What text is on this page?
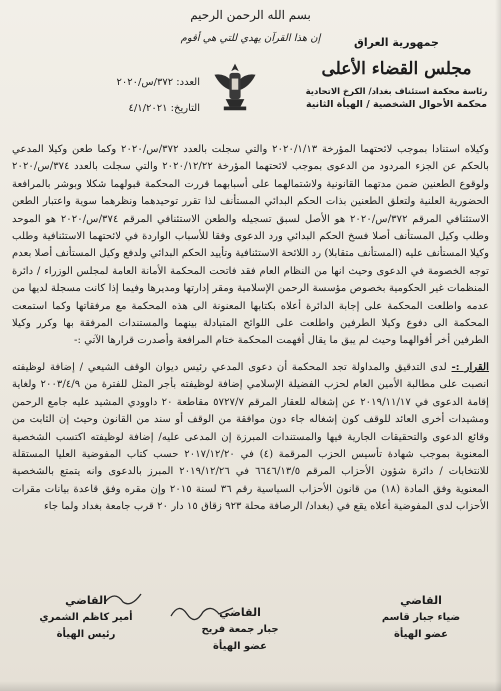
بسم الله الرحمن الرحيم
إن هذا القرآن يهدي للتي هي أقوم	جمهورية العراق
مجلس القضاء الأعلى
رئاسة محكمة استئناف بغداد/ الكرخ الاتحادية
محكمة الأحوال الشخصية / الهيأة الثانية
العدد: ٣٧٢/س/٢٠٢٠
التاريخ: ٤/١/٢٠٢١

وكيلاه استنادا بموجب لائحتهما المؤرخة ٢٠٢٠/١/١٣ والتي سجلت بالعدد ٣٧٢/س/٢٠٢٠ وكما طعن وكيلا المدعي بالحكم عن الجزء المردود من الدعوى بموجب لائحتهما المؤرخة ٢٠٢٠/١٢/٢٢ والتي سجلت بالعدد ٣٧٤/س/٢٠٢٠ ولوقوع الطعنين ضمن مدتهما القانونية ولاشتمالهما على أسبابهما قررت المحكمة قبولهما شكلا وبوشر بالمرافعة الحضورية العلنية ولتعلق الطعنين بذات الحكم البدائي المستأنف لذا تقرر توحيدهما ونظرهما سوية واعتبار الطعن الاستئنافي المرقم ٣٧٢/س/٢٠٢٠ هو الأصل لسبق تسجيله والطعن الاستئنافي المرقم ٣٧٤/س/٢٠٢٠ هو الموحد وطلب وكيل المستأنف أصلا فسخ الحكم البدائي ورد الدعوى وفقا للأسباب الواردة في لائحتهما الاستئنافية وطلب وكيلا المستأنف عليه (المستأنف متقابلا) رد اللائحة الاستئنافية وتأييد الحكم البدائي ولدفع وكيل المستأنف أصلا بعدم توجه الخصومة في الدعوى وحيث انها من النظام العام فقد فاتحت المحكمة الأمانة العامة لمجلس الوزراء / دائرة المنظمات غير الحكومية بخصوص مؤسسة الرحمن الإسلامية ومقر إدارتها ومديرها وفيما إذا كانت مسجلة لديها من عدمه واطلعت المحكمة على إجابة الدائرة أعلاه بكتابها المعنونة الى هذه المحكمة مع مرفقاتها وكما استمعت المحكمة الى دفوع وكيلا الطرفين واطلعت على اللوائح المتبادلة بينهما والمستندات المرفقة بها وكرر وكيلا الطرفين أخر أقوالهما وحيث لم يبق ما يقال أفهمت المحكمة ختام المرافعة وأصدرت قرارها الآتي :-

القرار :- لدى التدقيق والمداولة تجد المحكمة أن دعوى المدعي رئيس ديوان الوقف الشيعي / إضافة لوظيفته انصبت على مطالبة الأمين العام لحزب الفضيلة الإسلامي إضافة لوظيفته بأجر المثل للفترة من ٢٠٠٣/٤/٩ ولغاية إقامة الدعوى في ٢٠١٩/١١/١٧ عن إشغاله للعقار المرقم ٥٧٢٧/٧ مقاطعة ٢٠ داوودي المشيد عليه جامع الرحمن ومشيدات أخرى العائد للوقف كون إشغاله جاء دون موافقة من الوقف أو سند من القانون وحيث إن الثابت من وقائع الدعوى والتحقيقات الجارية فيها والمستندات المبرزة إن المدعى عليه/ إضافة لوظيفته اكتسب الشخصية المعنوية بموجب شهادة تأسيس الحزب المرقمة (٤) في ٢٠١٧/١٢/٢٠ حسب كتاب المفوضية العليا المستقلة للانتخابات / دائرة شؤون الأحزاب المرقم ٦٦٤٦/١٣/٥ في ٢٠١٩/١٢/٢٦ المبرز بالدعوى وانه يتمتع بالشخصية المعنوية وفق المادة (١٨) من قانون الأحزاب السياسية رقم ٣٦ لسنة ٢٠١٥ وإن مقره وفق قاعدة بيانات مقرات الأحزاب لدى المفوضية أعلاه يقع في (بغداد/ الرصافة محلة ٩٢٣ زقاق ١٥ دار ٢٠ قرب جامعة بغداد ولما جاء

القاضي
ضياء جبار قاسم
عضو الهيأة
القاضي
جبار جمعة فريح
عضو الهيأة
القاضي
أمير كاظم الشمري
رئيس الهيأة
